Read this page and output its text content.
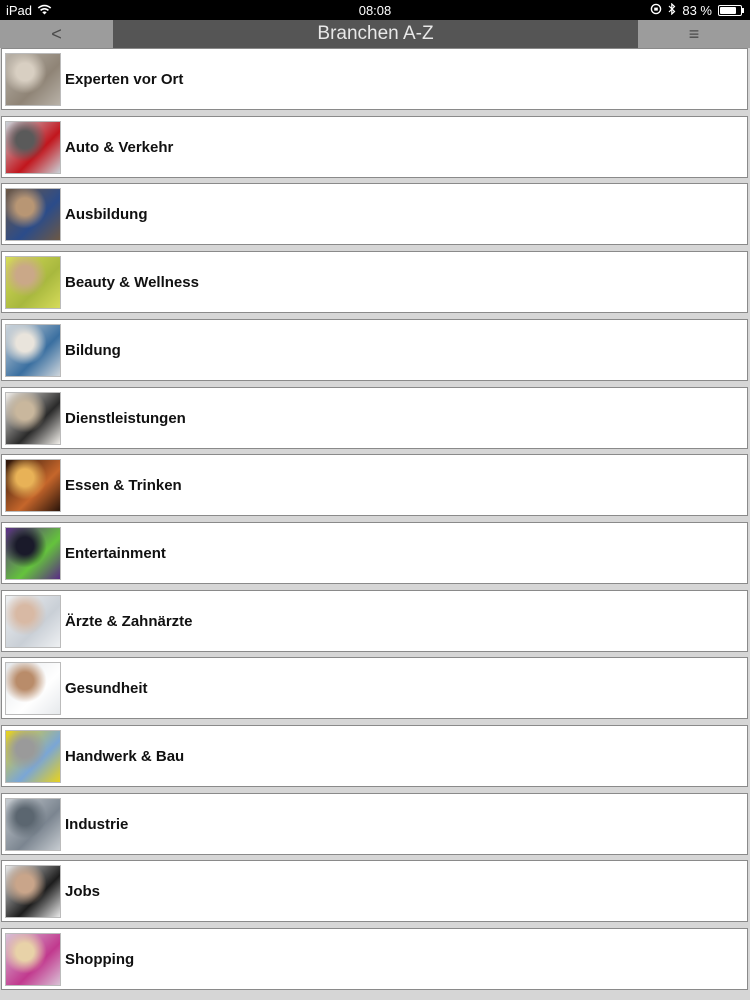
iPad	08:08	83 %
<	Branchen A-Z	≡
Experten vor Ort
Auto & Verkehr
Ausbildung
Beauty & Wellness
Bildung
Dienstleistungen
Essen & Trinken
Entertainment
Ärzte & Zahnärzte
Gesundheit
Handwerk & Bau
Industrie
Jobs
Shopping
